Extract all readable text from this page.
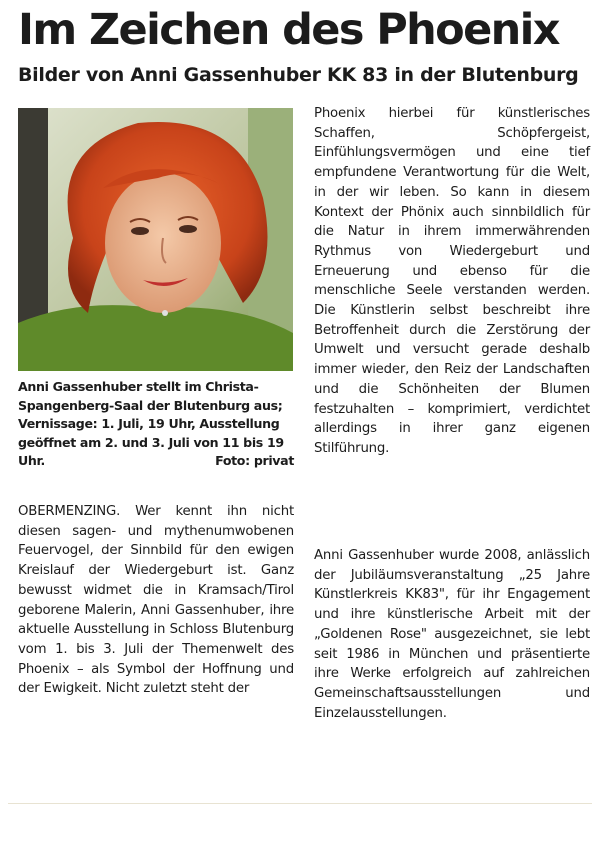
Im Zeichen des Phoenix
Bilder von Anni Gassenhuber KK 83 in der Blutenburg

Anni Gassenhuber stellt im Christa-Spangenberg-Saal der Blutenburg aus; Vernissage: 1. Juli, 19 Uhr, Ausstellung geöffnet am 2. und 3. Juli von 11 bis 19 Uhr.	Foto: privat

OBERMENZING. Wer kennt ihn nicht diesen sagen- und mythenumwobenen Feuervogel, der Sinnbild für den ewigen Kreislauf der Wiedergeburt ist. Ganz bewusst widmet die in Kramsach/Tirol geborene Malerin, Anni Gassenhuber, ihre aktuelle Ausstellung in Schloss Blutenburg vom 1. bis 3. Juli der Themenwelt des Phoenix – als Symbol der Hoffnung und der Ewigkeit. Nicht zuletzt steht der

Phoenix hierbei für künstlerisches Schaffen, Schöpfergeist, Einfühlungsvermögen und eine tief empfundene Verantwortung für die Welt, in der wir leben. So kann in diesem Kontext der Phönix auch sinnbildlich für die Natur in ihrem immerwährenden Rythmus von Wiedergeburt und Erneuerung und ebenso für die menschliche Seele verstanden werden. Die Künstlerin selbst beschreibt ihre Betroffenheit durch die Zerstörung der Umwelt und versucht gerade deshalb immer wieder, den Reiz der Landschaften und die Schönheiten der Blumen festzuhalten – komprimiert, verdichtet allerdings in ihrer ganz eigenen Stilführung.

Anni Gassenhuber wurde 2008, anlässlich der Jubiläumsveranstaltung „25 Jahre Künstlerkreis KK83", für ihr Engagement und ihre künstlerische Arbeit mit der „Goldenen Rose" ausgezeichnet, sie lebt seit 1986 in München und präsentierte ihre Werke erfolgreich auf zahlreichen Gemeinschaftsausstellungen und Einzelausstellungen.
